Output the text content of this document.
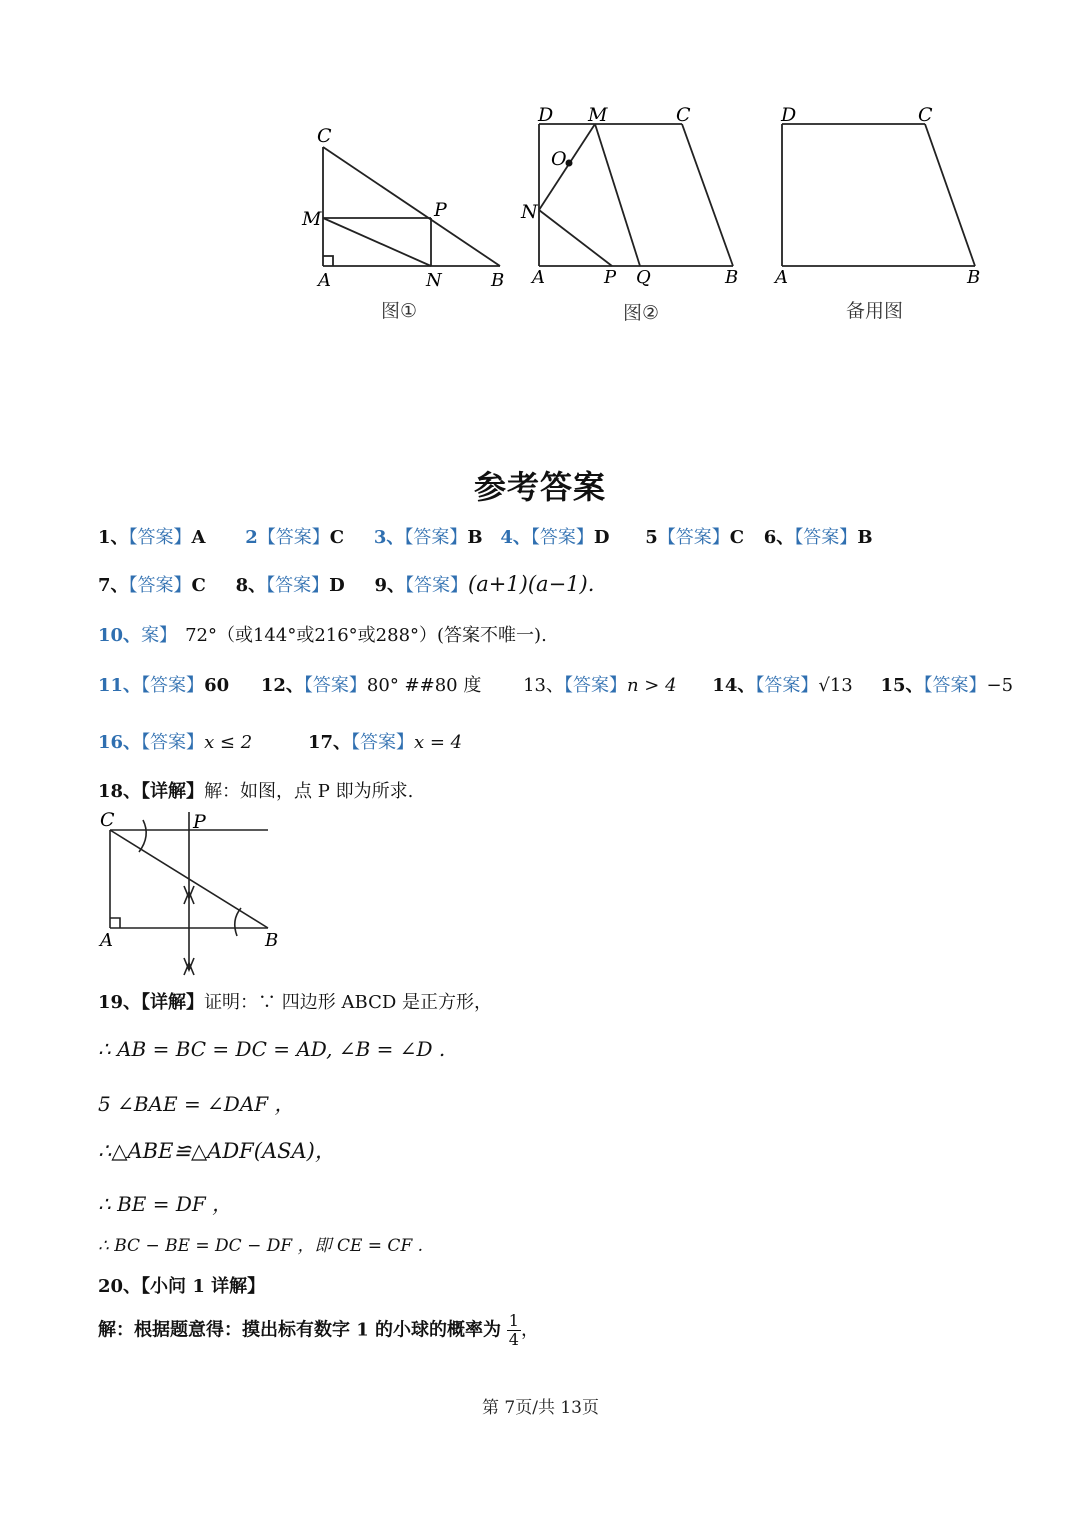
C
M	P
A	N	B
图①
D M	C
O
N
A	P Q	B
图②
D	C
A	B
备用图
参考答案
1、【答案】A 2【答案】C 3、【答案】B 4、【答案】D 5【答案】C 6、【答案】B
7、【答案】C 8、【答案】D 9、【答案】(a+1)(a−1).
10、案】 72°（或144°或216°或288°）(答案不唯一).
11、【答案】60 12、【答案】80° ##80 度 13、【答案】n > 4 14、【答案】√13 15、【答案】−5
16、【答案】x ≤ 2	17、【答案】x = 4
18、【详解】解：如图，点 P 即为所求.
C	P
A	B
19、【详解】证明：∵ 四边形 ABCD 是正方形，
∴ AB = BC = DC = AD, ∠B = ∠D .
5 ∠BAE = ∠DAF ，
∴△ABE≌△ADF(ASA)，
∴ BE = DF ，
∴ BC − BE = DC − DF ，即 CE = CF .
20、【小问 1 详解】
解：根据题意得：摸出标有数字 1 的小球的概率为 $\frac{1}{4}$ ，
第 7页/共 13页
